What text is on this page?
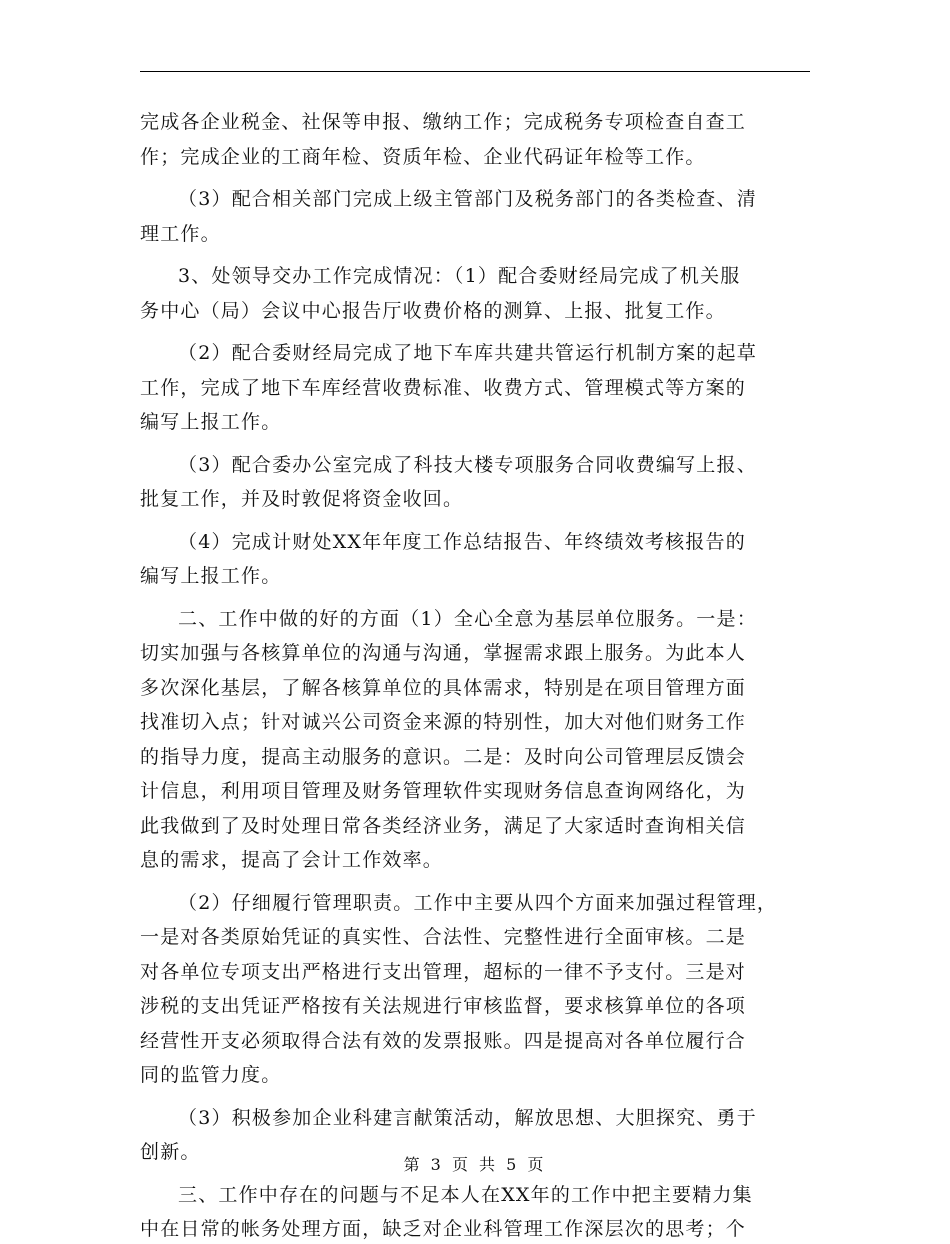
完成各企业税金、社保等申报、缴纳工作；完成税务专项检查自查工
作；完成企业的工商年检、资质年检、企业代码证年检等工作。
（3）配合相关部门完成上级主管部门及税务部门的各类检查、清
理工作。
3、处领导交办工作完成情况：（1）配合委财经局完成了机关服
务中心（局）会议中心报告厅收费价格的测算、上报、批复工作。
（2）配合委财经局完成了地下车库共建共管运行机制方案的起草
工作，完成了地下车库经营收费标准、收费方式、管理模式等方案的
编写上报工作。
（3）配合委办公室完成了科技大楼专项服务合同收费编写上报、
批复工作，并及时敦促将资金收回。
（4）完成计财处XX年年度工作总结报告、年终绩效考核报告的
编写上报工作。
二、工作中做的好的方面（1）全心全意为基层单位服务。一是：
切实加强与各核算单位的沟通与沟通，掌握需求跟上服务。为此本人
多次深化基层，了解各核算单位的具体需求，特别是在项目管理方面
找准切入点；针对诚兴公司资金来源的特别性，加大对他们财务工作
的指导力度，提高主动服务的意识。二是：及时向公司管理层反馈会
计信息，利用项目管理及财务管理软件实现财务信息查询网络化，为
此我做到了及时处理日常各类经济业务，满足了大家适时查询相关信
息的需求，提高了会计工作效率。
（2）仔细履行管理职责。工作中主要从四个方面来加强过程管理，
一是对各类原始凭证的真实性、合法性、完整性进行全面审核。二是
对各单位专项支出严格进行支出管理，超标的一律不予支付。三是对
涉税的支出凭证严格按有关法规进行审核监督，要求核算单位的各项
经营性开支必须取得合法有效的发票报账。四是提高对各单位履行合
同的监管力度。
（3）积极参加企业科建言献策活动，解放思想、大胆探究、勇于
创新。
三、工作中存在的问题与不足本人在XX年的工作中把主要精力集
中在日常的帐务处理方面，缺乏对企业科管理工作深层次的思考；个
第 3 页 共 5 页
